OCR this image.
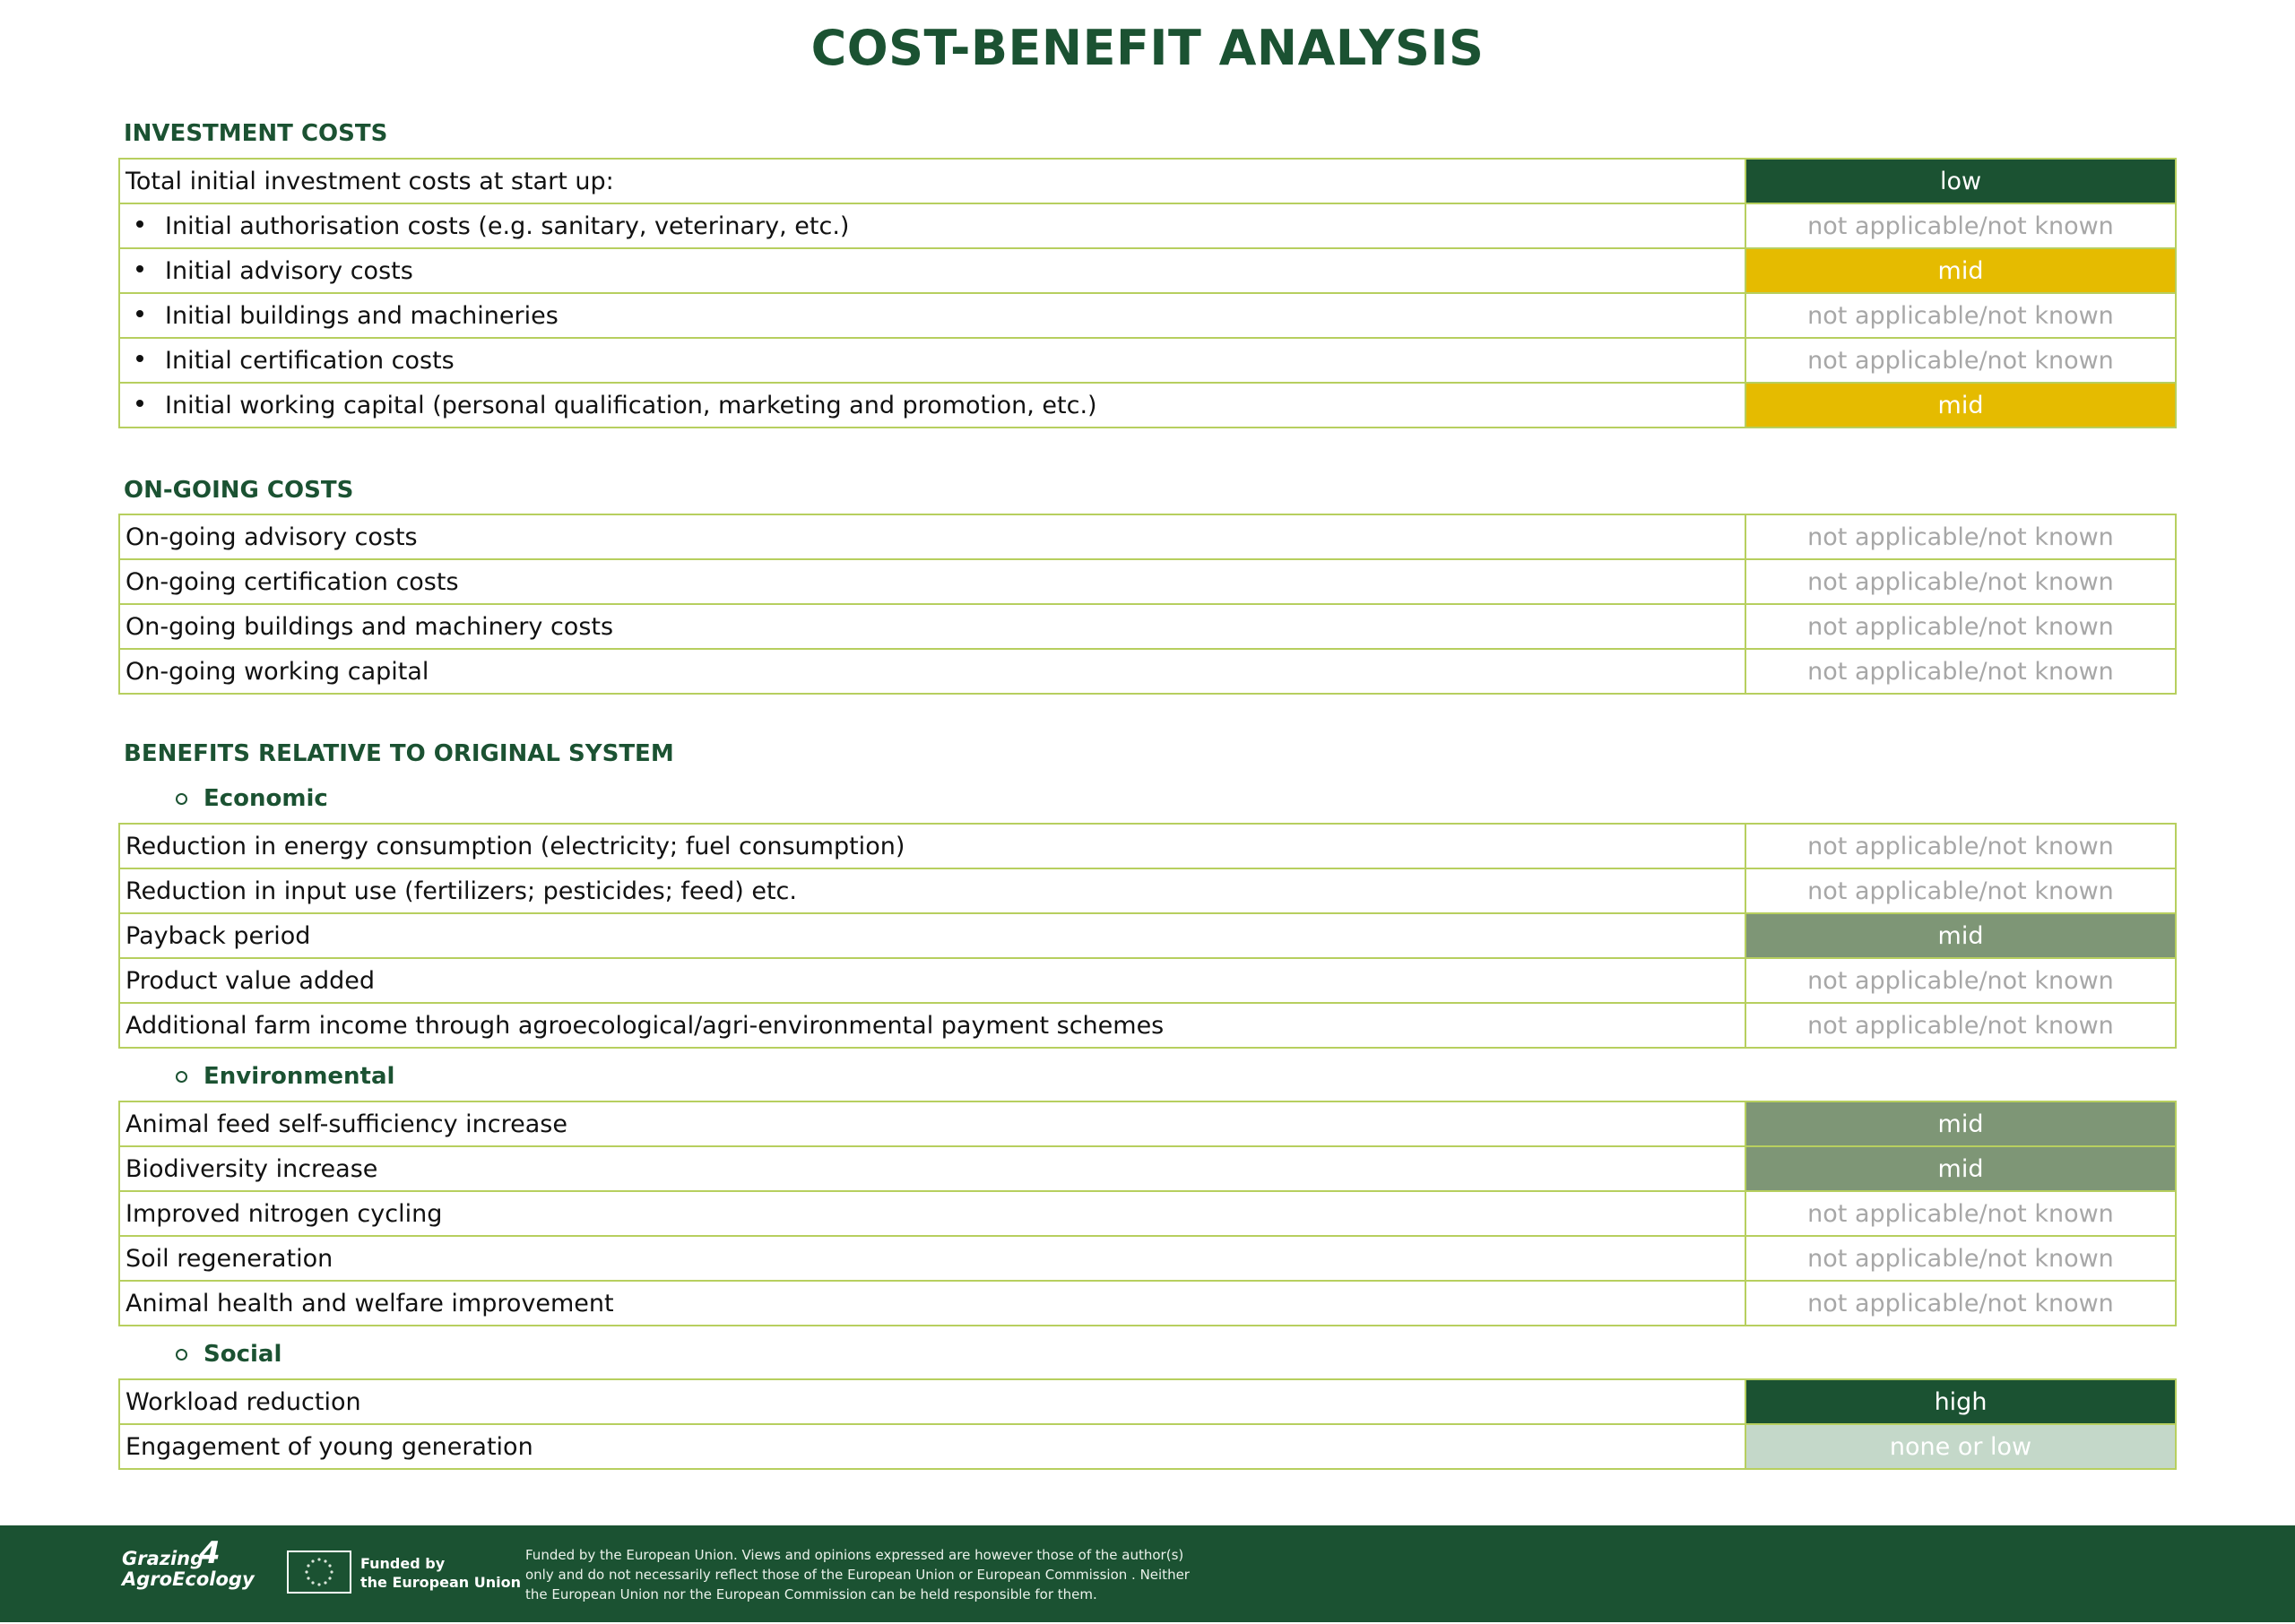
COST-BENEFIT ANALYSIS
INVESTMENT COSTS
Total initial investment costs at start up:	low
Initial authorisation costs (e.g. sanitary, veterinary, etc.)	not applicable/not known
Initial advisory costs	mid
Initial buildings and machineries	not applicable/not known
Initial certification costs	not applicable/not known
Initial working capital (personal qualification, marketing and promotion, etc.)	mid
ON-GOING COSTS
On-going advisory costs	not applicable/not known
On-going certification costs	not applicable/not known
On-going buildings and machinery costs	not applicable/not known
On-going working capital	not applicable/not known
BENEFITS RELATIVE TO ORIGINAL SYSTEM
Economic
Reduction in energy consumption (electricity; fuel consumption)	not applicable/not known
Reduction in input use (fertilizers; pesticides; feed) etc.	not applicable/not known
Payback period	mid
Product value added	not applicable/not known
Additional farm income through agroecological/agri-environmental payment schemes	not applicable/not known
Environmental
Animal feed self-sufficiency increase	mid
Biodiversity increase	mid
Improved nitrogen cycling	not applicable/not known
Soil regeneration	not applicable/not known
Animal health and welfare improvement	not applicable/not known
Social
Workload reduction	high
Engagement of young generation	none or low
Grazing
AgroEcology
4	Funded by
the European Union
Funded by the European Union. Views and opinions expressed are however those of the author(s)
only and do not necessarily reflect those of the European Union or European Commission . Neither
the European Union nor the European Commission can be held responsible for them.
